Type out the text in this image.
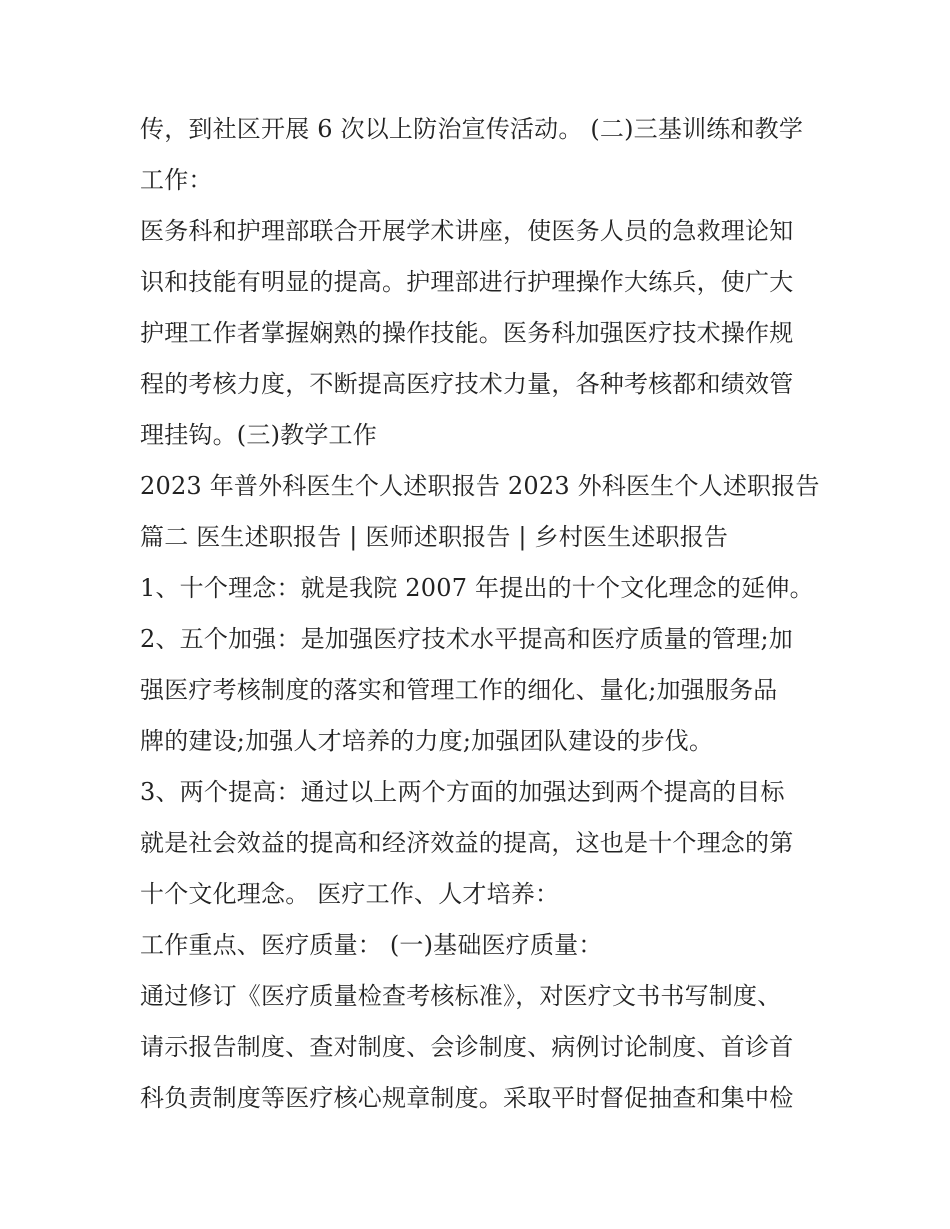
传，到社区开展 6 次以上防治宣传活动。 (二)三基训练和教学
工作：
医务科和护理部联合开展学术讲座，使医务人员的急救理论知
识和技能有明显的提高。护理部进行护理操作大练兵，使广大
护理工作者掌握娴熟的操作技能。医务科加强医疗技术操作规
程的考核力度，不断提高医疗技术力量，各种考核都和绩效管
理挂钩。(三)教学工作
2023 年普外科医生个人述职报告 2023 外科医生个人述职报告
篇二 医生述职报告 | 医师述职报告 | 乡村医生述职报告
1、十个理念：就是我院 2007 年提出的十个文化理念的延伸。
2、五个加强：是加强医疗技术水平提高和医疗质量的管理;加
强医疗考核制度的落实和管理工作的细化、量化;加强服务品
牌的建设;加强人才培养的力度;加强团队建设的步伐。
3、两个提高：通过以上两个方面的加强达到两个提高的目标
就是社会效益的提高和经济效益的提高，这也是十个理念的第
十个文化理念。 医疗工作、人才培养：
工作重点、医疗质量： (一)基础医疗质量：
通过修订《医疗质量检查考核标准》，对医疗文书书写制度、
请示报告制度、查对制度、会诊制度、病例讨论制度、首诊首
科负责制度等医疗核心规章制度。采取平时督促抽查和集中检
